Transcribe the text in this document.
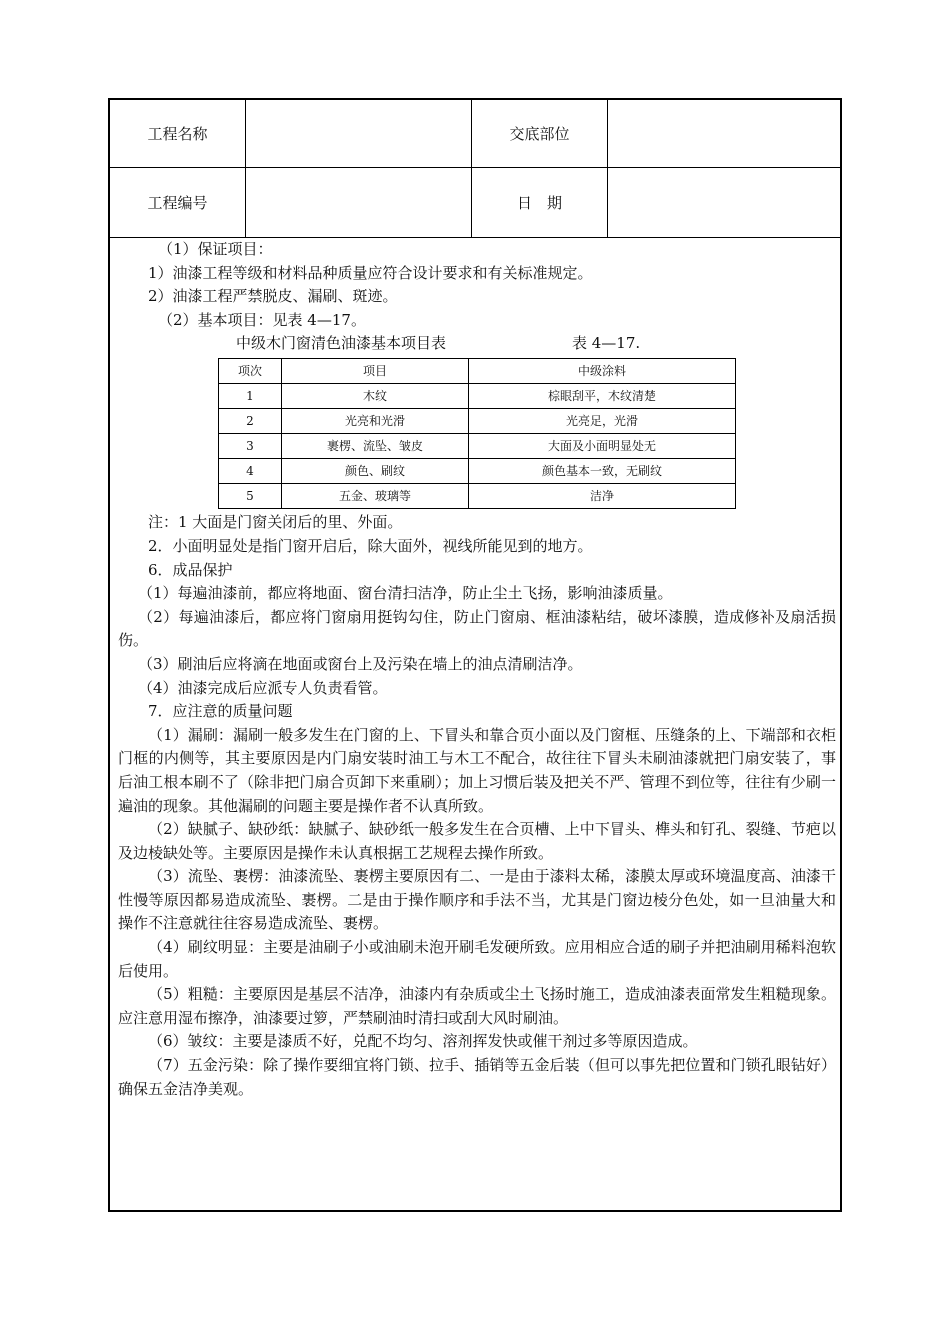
工程名称	交底部位
工程编号	日　期

（1）保证项目：

1）油漆工程等级和材料品种质量应符合设计要求和有关标准规定。

2）油漆工程严禁脱皮、漏刷、斑迹。

（2）基本项目：见表 4—17。

中级木门窗清色油漆基本项目表	表 4—17.
项次	项目	中级涂料
1	木纹	棕眼刮平，木纹清楚
2	光亮和光滑	光亮足，光滑
3	裹楞、流坠、皱皮	大面及小面明显处无
4	颜色、刷纹	颜色基本一致，无刷纹
5	五金、玻璃等	洁净

注：1 大面是门窗关闭后的里、外面。

2．小面明显处是指门窗开启后，除大面外，视线所能见到的地方。

6．成品保护

（1）每遍油漆前，都应将地面、窗台清扫洁净，防止尘土飞扬，影响油漆质量。

（2）每遍油漆后，都应将门窗扇用挺钩勾住，防止门窗扇、框油漆粘结，破坏漆膜，造成修补及扇活损伤。

（3）刷油后应将滴在地面或窗台上及污染在墙上的油点清刷洁净。

（4）油漆完成后应派专人负责看管。

7．应注意的质量问题

（1）漏刷：漏刷一般多发生在门窗的上、下冒头和靠合页小面以及门窗框、压缝条的上、下端部和衣柜门框的内侧等，其主要原因是内门扇安装时油工与木工不配合，故往往下冒头未刷油漆就把门扇安装了，事后油工根本刷不了（除非把门扇合页卸下来重刷）；加上习惯后装及把关不严、管理不到位等，往往有少刷一遍油的现象。其他漏刷的问题主要是操作者不认真所致。

（2）缺腻子、缺砂纸：缺腻子、缺砂纸一般多发生在合页槽、上中下冒头、榫头和钉孔、裂缝、节疤以及边棱缺处等。主要原因是操作未认真根据工艺规程去操作所致。

（3）流坠、裹楞：油漆流坠、裹楞主要原因有二、一是由于漆料太稀，漆膜太厚或环境温度高、油漆干性慢等原因都易造成流坠、裹楞。二是由于操作顺序和手法不当，尤其是门窗边棱分色处，如一旦油量大和操作不注意就往往容易造成流坠、裹楞。

（4）刷纹明显：主要是油刷子小或油刷未泡开刷毛发硬所致。应用相应合适的刷子并把油刷用稀料泡软后使用。

（5）粗糙：主要原因是基层不洁净，油漆内有杂质或尘土飞扬时施工，造成油漆表面常发生粗糙现象。应注意用湿布擦净，油漆要过箩，严禁刷油时清扫或刮大风时刷油。

（6）皱纹：主要是漆质不好，兑配不均匀、溶剂挥发快或催干剂过多等原因造成。

（7）五金污染：除了操作要细宜将门锁、拉手、插销等五金后装（但可以事先把位置和门锁孔眼钻好）确保五金洁净美观。
